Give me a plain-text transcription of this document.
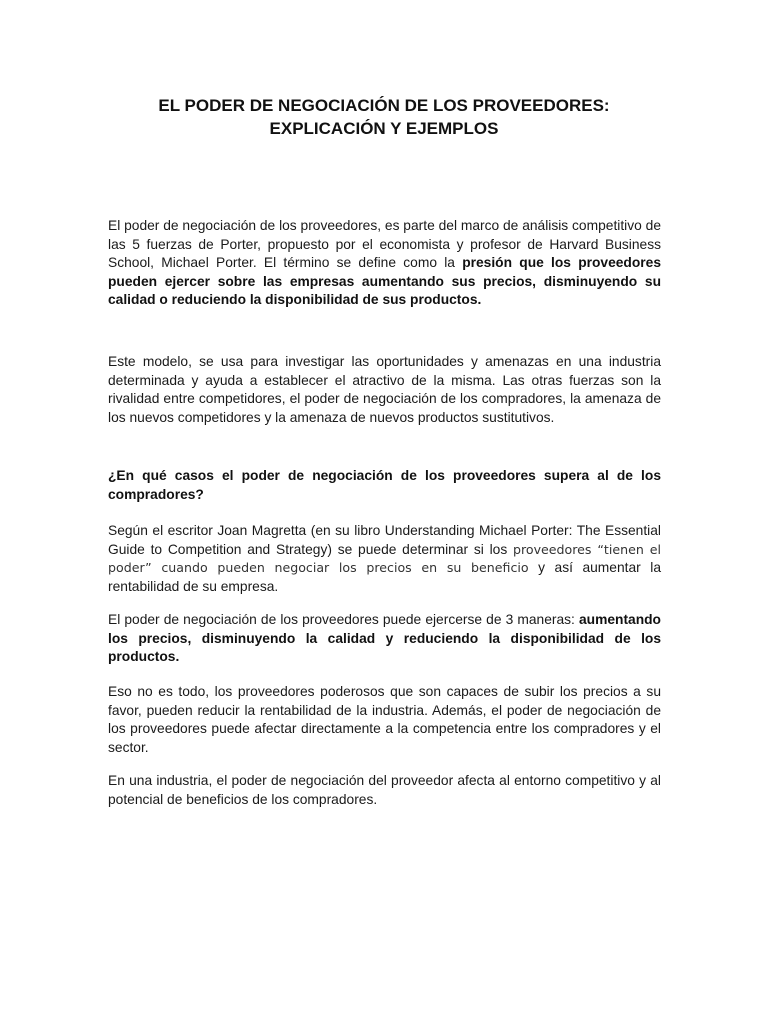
EL PODER DE NEGOCIACIÓN DE LOS PROVEEDORES:
EXPLICACIÓN Y EJEMPLOS

El poder de negociación de los proveedores, es parte del marco de análisis competitivo de las 5 fuerzas de Porter, propuesto por el economista y profesor de Harvard Business School, Michael Porter. El término se define como la presión que los proveedores pueden ejercer sobre las empresas aumentando sus precios, disminuyendo su calidad o reduciendo la disponibilidad de sus productos.

Este modelo, se usa para investigar las oportunidades y amenazas en una industria determinada y ayuda a establecer el atractivo de la misma. Las otras fuerzas son la rivalidad entre competidores, el poder de negociación de los compradores, la amenaza de los nuevos competidores y la amenaza de nuevos productos sustitutivos.

¿En qué casos el poder de negociación de los proveedores supera al de los compradores?

Según el escritor Joan Magretta (en su libro Understanding Michael Porter: The Essential Guide to Competition and Strategy) se puede determinar si los proveedores “tienen el poder” cuando pueden negociar los precios en su beneficio y así aumentar la rentabilidad de su empresa.

El poder de negociación de los proveedores puede ejercerse de 3 maneras: aumentando los precios, disminuyendo la calidad y reduciendo la disponibilidad de los productos.

Eso no es todo, los proveedores poderosos que son capaces de subir los precios a su favor, pueden reducir la rentabilidad de la industria. Además, el poder de negociación de los proveedores puede afectar directamente a la competencia entre los compradores y el sector.

En una industria, el poder de negociación del proveedor afecta al entorno competitivo y al potencial de beneficios de los compradores.
